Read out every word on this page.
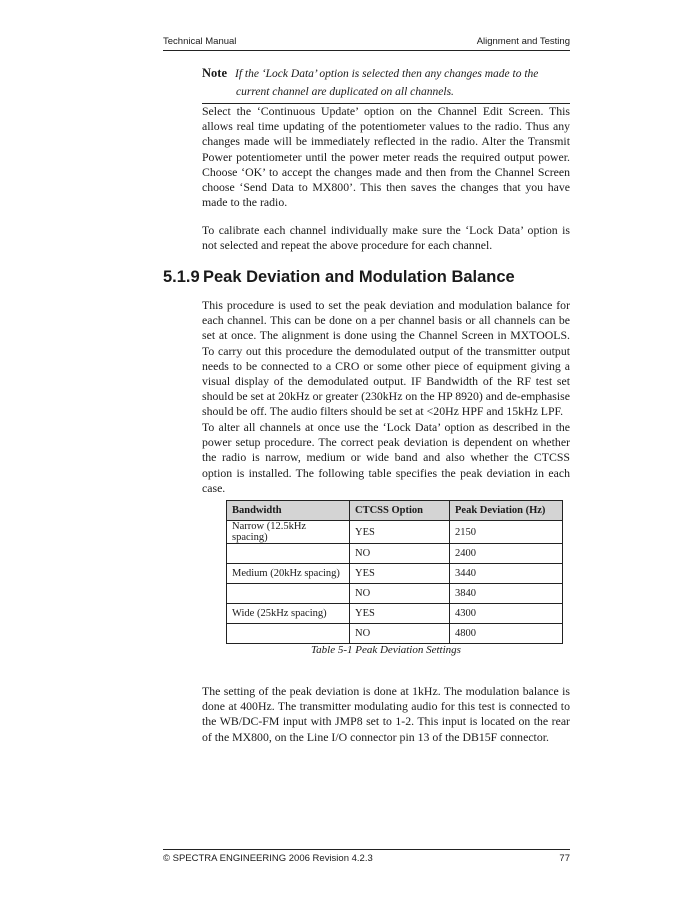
Technical Manual	Alignment and Testing
Note If the ‘Lock Data’ option is selected then any changes made to the
current channel are duplicated on all channels.

Select the ‘Continuous Update’ option on the Channel Edit Screen. This allows real time updating of the potentiometer values to the radio. Thus any changes made will be immediately reflected in the radio. Alter the Transmit Power potentiometer until the power meter reads the required output power. Choose ‘OK’ to accept the changes made and then from the Channel Screen choose ‘Send Data to MX800’. This then saves the changes that you have made to the radio.

To calibrate each channel individually make sure the ‘Lock Data’ option is not selected and repeat the above procedure for each channel.

5.1.9 Peak Deviation and Modulation Balance

This procedure is used to set the peak deviation and modulation balance for each channel. This can be done on a per channel basis or all channels can be set at once. The alignment is done using the Channel Screen in MXTOOLS. To carry out this procedure the demodulated output of the transmitter output needs to be connected to a CRO or some other piece of equipment giving a visual display of the demodulated output. IF Bandwidth of the RF test set should be set at 20kHz or greater (230kHz on the HP 8920) and de-emphasise should be off. The audio filters should be set at <20Hz HPF and 15kHz LPF.

To alter all channels at once use the ‘Lock Data’ option as described in the power setup procedure. The correct peak deviation is dependent on whether the radio is narrow, medium or wide band and also whether the CTCSS option is installed. The following table specifies the peak deviation in each case.

Bandwidth	CTCSS Option	Peak Deviation (Hz)
Narrow (12.5kHz spacing)	YES	2150
	NO	2400
Medium (20kHz spacing)	YES	3440
	NO	3840
Wide (25kHz spacing)	YES	4300
	NO	4800
Table 5-1 Peak Deviation Settings

The setting of the peak deviation is done at 1kHz. The modulation balance is done at 400Hz. The transmitter modulating audio for this test is connected to the WB/DC-FM input with JMP8 set to 1-2. This input is located on the rear of the MX800, on the Line I/O connector pin 13 of the DB15F connector.

© SPECTRA ENGINEERING 2006 Revision 4.2.3	77
